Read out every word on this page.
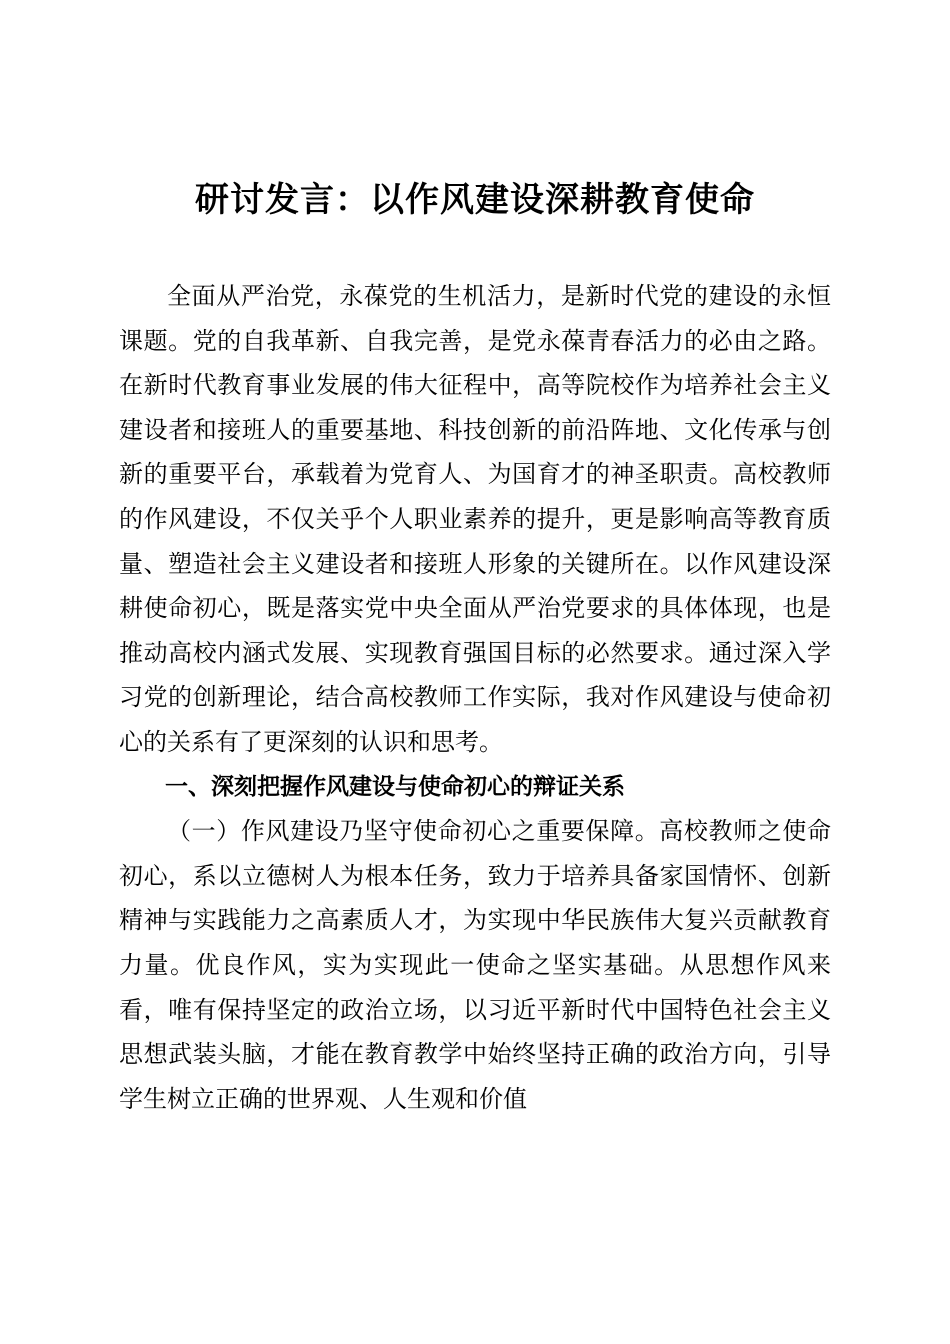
研讨发言：以作风建设深耕教育使命

全面从严治党，永葆党的生机活力，是新时代党的建设的永恒课题。党的自我革新、自我完善，是党永葆青春活力的必由之路。在新时代教育事业发展的伟大征程中，高等院校作为培养社会主义建设者和接班人的重要基地、科技创新的前沿阵地、文化传承与创新的重要平台，承载着为党育人、为国育才的神圣职责。高校教师的作风建设，不仅关乎个人职业素养的提升，更是影响高等教育质量、塑造社会主义建设者和接班人形象的关键所在。以作风建设深耕使命初心，既是落实党中央全面从严治党要求的具体体现，也是推动高校内涵式发展、实现教育强国目标的必然要求。通过深入学习党的创新理论，结合高校教师工作实际，我对作风建设与使命初心的关系有了更深刻的认识和思考。

一、深刻把握作风建设与使命初心的辩证关系

（一）作风建设乃坚守使命初心之重要保障。高校教师之使命初心，系以立德树人为根本任务，致力于培养具备家国情怀、创新精神与实践能力之高素质人才，为实现中华民族伟大复兴贡献教育力量。优良作风，实为实现此一使命之坚实基础。从思想作风来看，唯有保持坚定的政治立场，以习近平新时代中国特色社会主义思想武装头脑，才能在教育教学中始终坚持正确的政治方向，引导学生树立正确的世界观、人生观和价值
